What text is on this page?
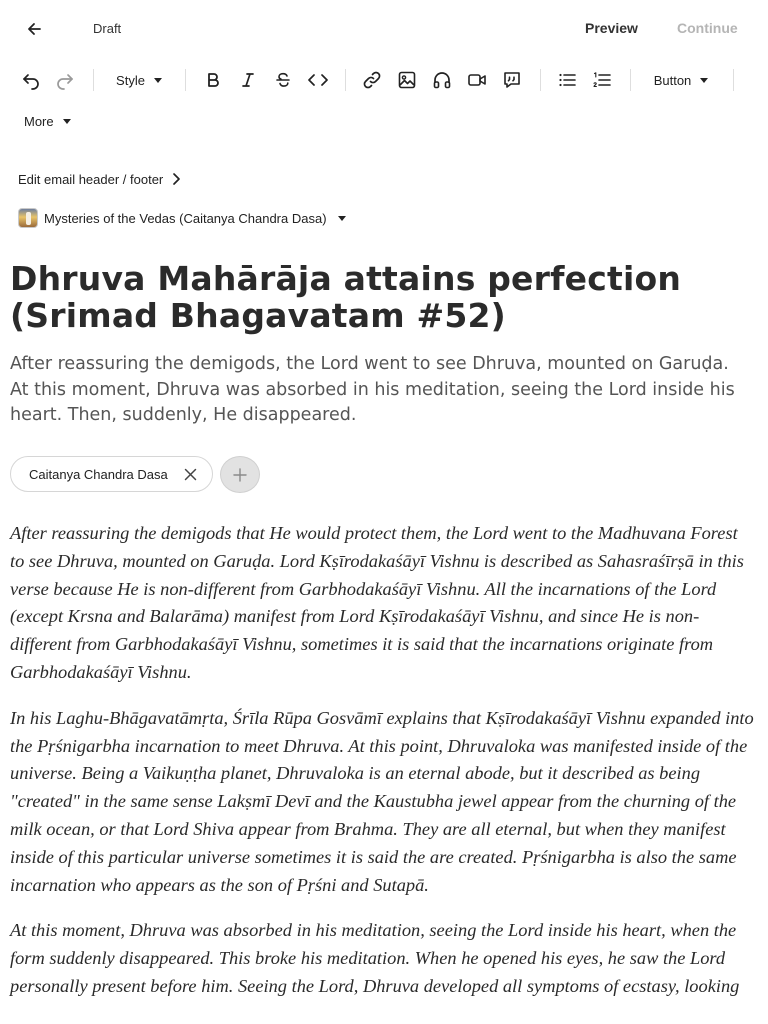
Draft	Preview	Continue
Style	Button
More
Edit email header / footer
Mysteries of the Vedas (Caitanya Chandra Dasa)
Dhruva Mahārāja attains perfection (Srimad Bhagavatam #52)
After reassuring the demigods, the Lord went to see Dhruva, mounted on Garuḍa. At this moment, Dhruva was absorbed in his meditation, seeing the Lord inside his heart. Then, suddenly, He disappeared.
Caitanya Chandra Dasa

After reassuring the demigods that He would protect them, the Lord went to the Madhuvana Forest to see Dhruva, mounted on Garuḍa. Lord Kṣīrodakaśāyī Vishnu is described as Sahasraśīrṣā in this verse because He is non-different from Garbhodakaśāyī Vishnu. All the incarnations of the Lord (except Krsna and Balarāma) manifest from Lord Kṣīrodakaśāyī Vishnu, and since He is non-different from Garbhodakaśāyī Vishnu, sometimes it is said that the incarnations originate from Garbhodakaśāyī Vishnu.

In his Laghu-Bhāgavatāmṛta, Śrīla Rūpa Gosvāmī explains that Kṣīrodakaśāyī Vishnu expanded into the Pṛśnigarbha incarnation to meet Dhruva. At this point, Dhruvaloka was manifested inside of the universe. Being a Vaikuṇṭha planet, Dhruvaloka is an eternal abode, but it described as being "created" in the same sense Lakṣmī Devī and the Kaustubha jewel appear from the churning of the milk ocean, or that Lord Shiva appear from Brahma. They are all eternal, but when they manifest inside of this particular universe sometimes it is said the are created. Pṛśnigarbha is also the same incarnation who appears as the son of Pṛśni and Sutapā.

At this moment, Dhruva was absorbed in his meditation, seeing the Lord inside his heart, when the form suddenly disappeared. This broke his meditation. When he opened his eyes, he saw the Lord personally present before him. Seeing the Lord, Dhruva developed all symptoms of ecstasy, looking
